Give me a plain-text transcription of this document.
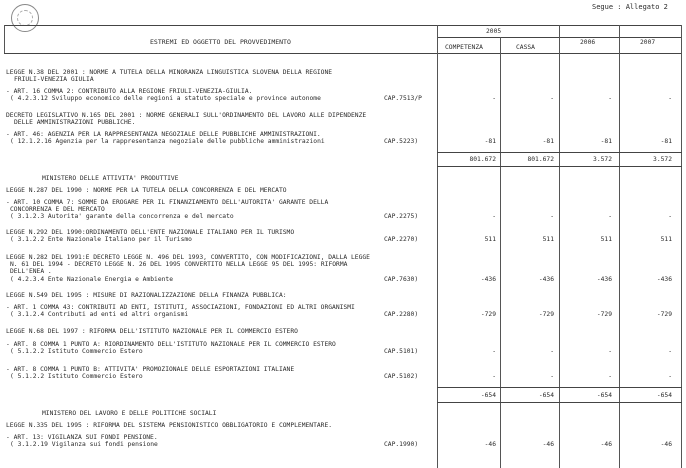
Segue : Allegato 2
ESTREMI ED OGGETTO DEL PROVVEDIMENTO
2005
COMPETENZA	CASSA
2006	2007
LEGGE N.38 DEL 2001 : NORME A TUTELA DELLA MINORANZA LINGUISTICA SLOVENA DELLA REGIONE
FRIULI-VENEZIA GIULIA
- ART. 16 COMMA 2: CONTRIBUTO ALLA REGIONE FRIULI-VENEZIA-GIULIA.
( 4.2.3.12 Sviluppo economico delle regioni a statuto speciale e province autonome	CAP.7513/P	-	-	-	-
DECRETO LEGISLATIVO N.165 DEL 2001 : NORME GENERALI SULL'ORDINAMENTO DEL LAVORO ALLE DIPENDENZE
DELLE AMMINISTRAZIONI PUBBLICHE.
- ART. 46: AGENZIA PER LA RAPPRESENTANZA NEGOZIALE DELLE PUBBLICHE AMMINISTRAZIONI.
( 12.1.2.16 Agenzia per la rappresentanza negoziale delle pubbliche amministrazioni	CAP.5223)	-81	-81	-81	-81
801.672	801.672	3.572	3.572
MINISTERO DELLE ATTIVITA' PRODUTTIVE
LEGGE N.287 DEL 1990 : NORME PER LA TUTELA DELLA CONCORRENZA E DEL MERCATO
- ART. 10 COMMA 7: SOMME DA EROGARE PER IL FINANZIAMENTO DELL'AUTORITA' GARANTE DELLA
CONCORRENZA E DEL MERCATO
( 3.1.2.3 Autorita' garante della concorrenza e del mercato	CAP.2275)	-	-	-	-
LEGGE N.292 DEL 1990:ORDINAMENTO DELL'ENTE NAZIONALE ITALIANO PER IL TURISMO
( 3.1.2.2 Ente Nazionale Italiano per il Turismo	CAP.2270)	511	511	511	511
LEGGE N.282 DEL 1991:E DECRETO LEGGE N. 496 DEL 1993, CONVERTITO, CON MODIFICAZIONI, DALLA LEGGE
N. 61 DEL 1994 - DECRETO LEGGE N. 26 DEL 1995 CONVERTITO NELLA LEGGE 95 DEL 1995: RIFORMA
DELL'ENEA .
( 4.2.3.4 Ente Nazionale Energia e Ambiente	CAP.7630)	-436	-436	-436	-436
LEGGE N.549 DEL 1995 : MISURE DI RAZIONALIZZAZIONE DELLA FINANZA PUBBLICA:
- ART. 1 COMMA 43: CONTRIBUTI AD ENTI, ISTITUTI, ASSOCIAZIONI, FONDAZIONI ED ALTRI ORGANISMI
( 3.1.2.4 Contributi ad enti ed altri organismi	CAP.2280)	-729	-729	-729	-729
LEGGE N.68 DEL 1997 : RIFORMA DELL'ISTITUTO NAZIONALE PER IL COMMERCIO ESTERO
- ART. 8 COMMA 1 PUNTO A: RIORDINAMENTO DELL'ISTITUTO NAZIONALE PER IL COMMERCIO ESTERO
( 5.1.2.2 Istituto Commercio Estero	CAP.5101)	-	-	-	-
- ART. 8 COMMA 1 PUNTO B: ATTIVITA' PROMOZIONALE DELLE ESPORTAZIONI ITALIANE
( 5.1.2.2 Istituto Commercio Estero	CAP.5102)	-	-	-	-
-654	-654	-654	-654
MINISTERO DEL LAVORO E DELLE POLITICHE SOCIALI
LEGGE N.335 DEL 1995 : RIFORMA DEL SISTEMA PENSIONISTICO OBBLIGATORIO E COMPLEMENTARE.
- ART. 13: VIGILANZA SUI FONDI PENSIONE.
( 3.1.2.19 Vigilanza sui fondi pensione	CAP.1990)	-46	-46	-46	-46
